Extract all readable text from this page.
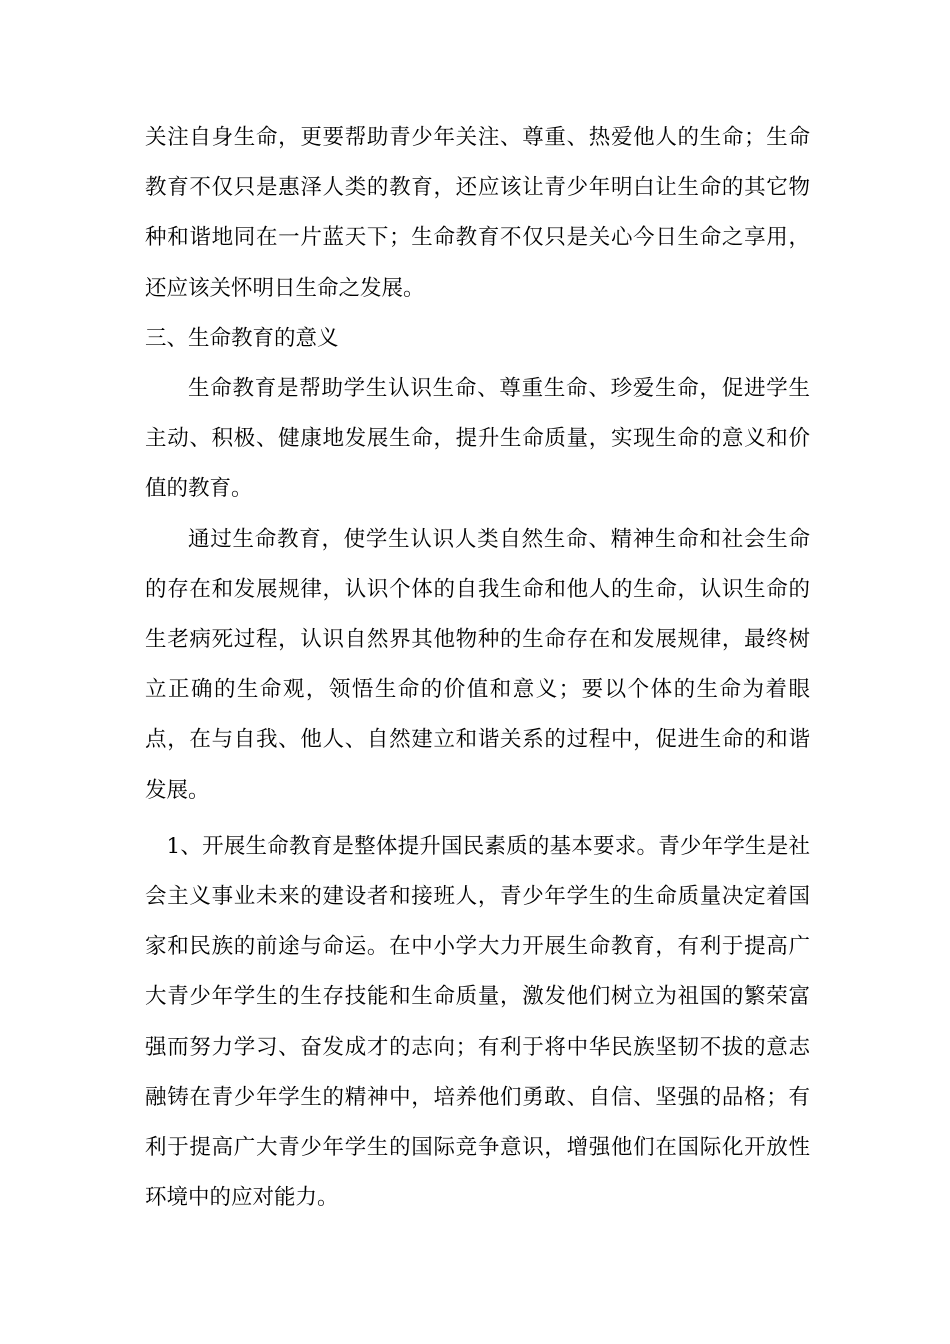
关注自身生命，更要帮助青少年关注、尊重、热爱他人的生命；生命教育不仅只是惠泽人类的教育，还应该让青少年明白让生命的其它物种和谐地同在一片蓝天下；生命教育不仅只是关心今日生命之享用，还应该关怀明日生命之发展。

三、生命教育的意义

生命教育是帮助学生认识生命、尊重生命、珍爱生命，促进学生主动、积极、健康地发展生命，提升生命质量，实现生命的意义和价值的教育。

通过生命教育，使学生认识人类自然生命、精神生命和社会生命的存在和发展规律，认识个体的自我生命和他人的生命，认识生命的生老病死过程，认识自然界其他物种的生命存在和发展规律，最终树立正确的生命观，领悟生命的价值和意义；要以个体的生命为着眼点，在与自我、他人、自然建立和谐关系的过程中，促进生命的和谐发展。

1、开展生命教育是整体提升国民素质的基本要求。青少年学生是社会主义事业未来的建设者和接班人，青少年学生的生命质量决定着国家和民族的前途与命运。在中小学大力开展生命教育，有利于提高广大青少年学生的生存技能和生命质量，激发他们树立为祖国的繁荣富强而努力学习、奋发成才的志向；有利于将中华民族坚韧不拔的意志融铸在青少年学生的精神中，培养他们勇敢、自信、坚强的品格；有利于提高广大青少年学生的国际竞争意识，增强他们在国际化开放性环境中的应对能力。
